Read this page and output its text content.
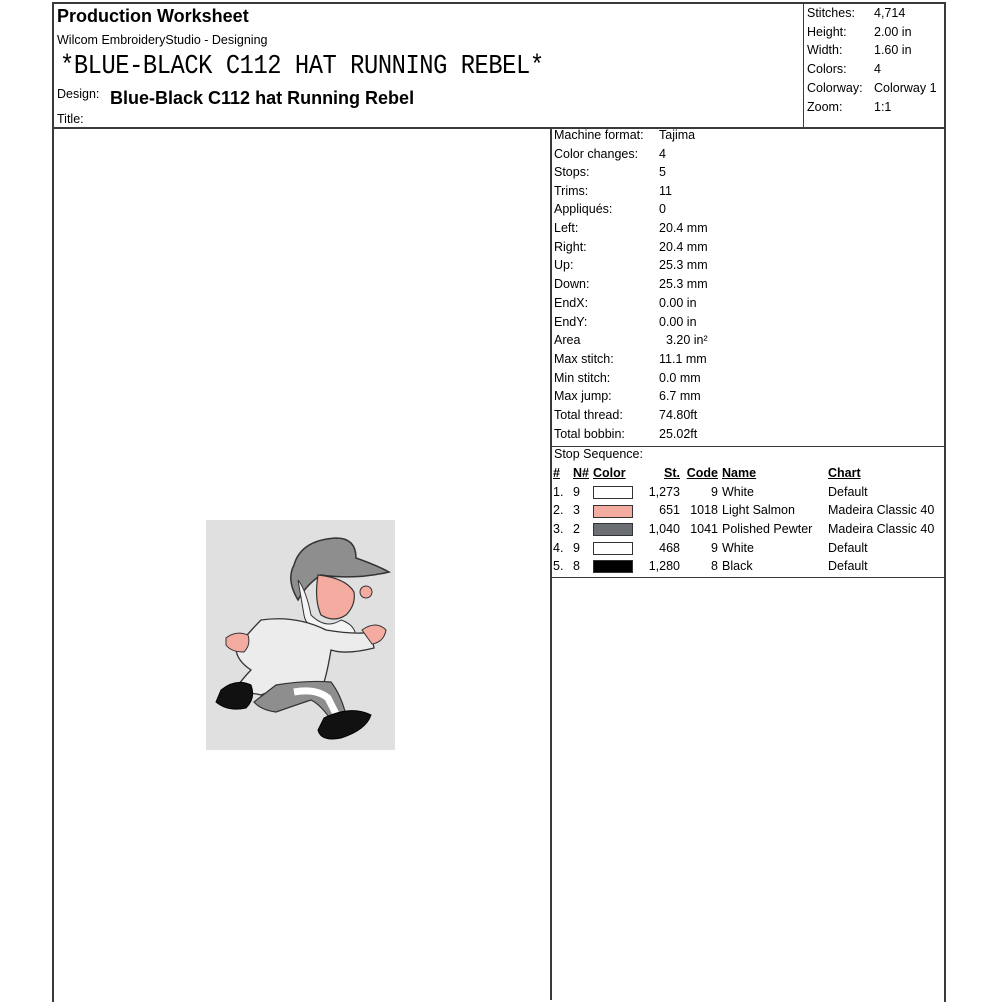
Production Worksheet
Wilcom EmbroideryStudio - Designing
*BLUE-BLACK C112 HAT RUNNING REBEL*
Design: Blue-Black C112 hat Running Rebel
Title:
Stitches: 4,714
Height: 2.00 in
Width:	1.60 in
Colors: 4
Colorway: Colorway 1
Zoom:	1:1
Machine format: Tajima
Color changes: 4
Stops:	5
Trims:	11
Appliqués:	0
Left:	20.4 mm
Right:	20.4 mm
Up:	25.3 mm
Down:	25.3 mm
EndX:	0.00 in
EndY:	0.00 in
Area	3.20 in²
Max stitch:	11.1 mm
Min stitch:	0.0 mm
Max jump:	6.7 mm
Total thread:	74.80ft
Total bobbin:	25.02ft
Stop Sequence:
#	N#	Color	St.	Code	Name	Chart
1.	9		1,273	9	White	Default
2.	3		651	1018	Light Salmon	Madeira Classic 40
3.	2		1,040	1041	Polished Pewter	Madeira Classic 40
4.	9		468	9	White	Default
5.	8		1,280	8	Black	Default
